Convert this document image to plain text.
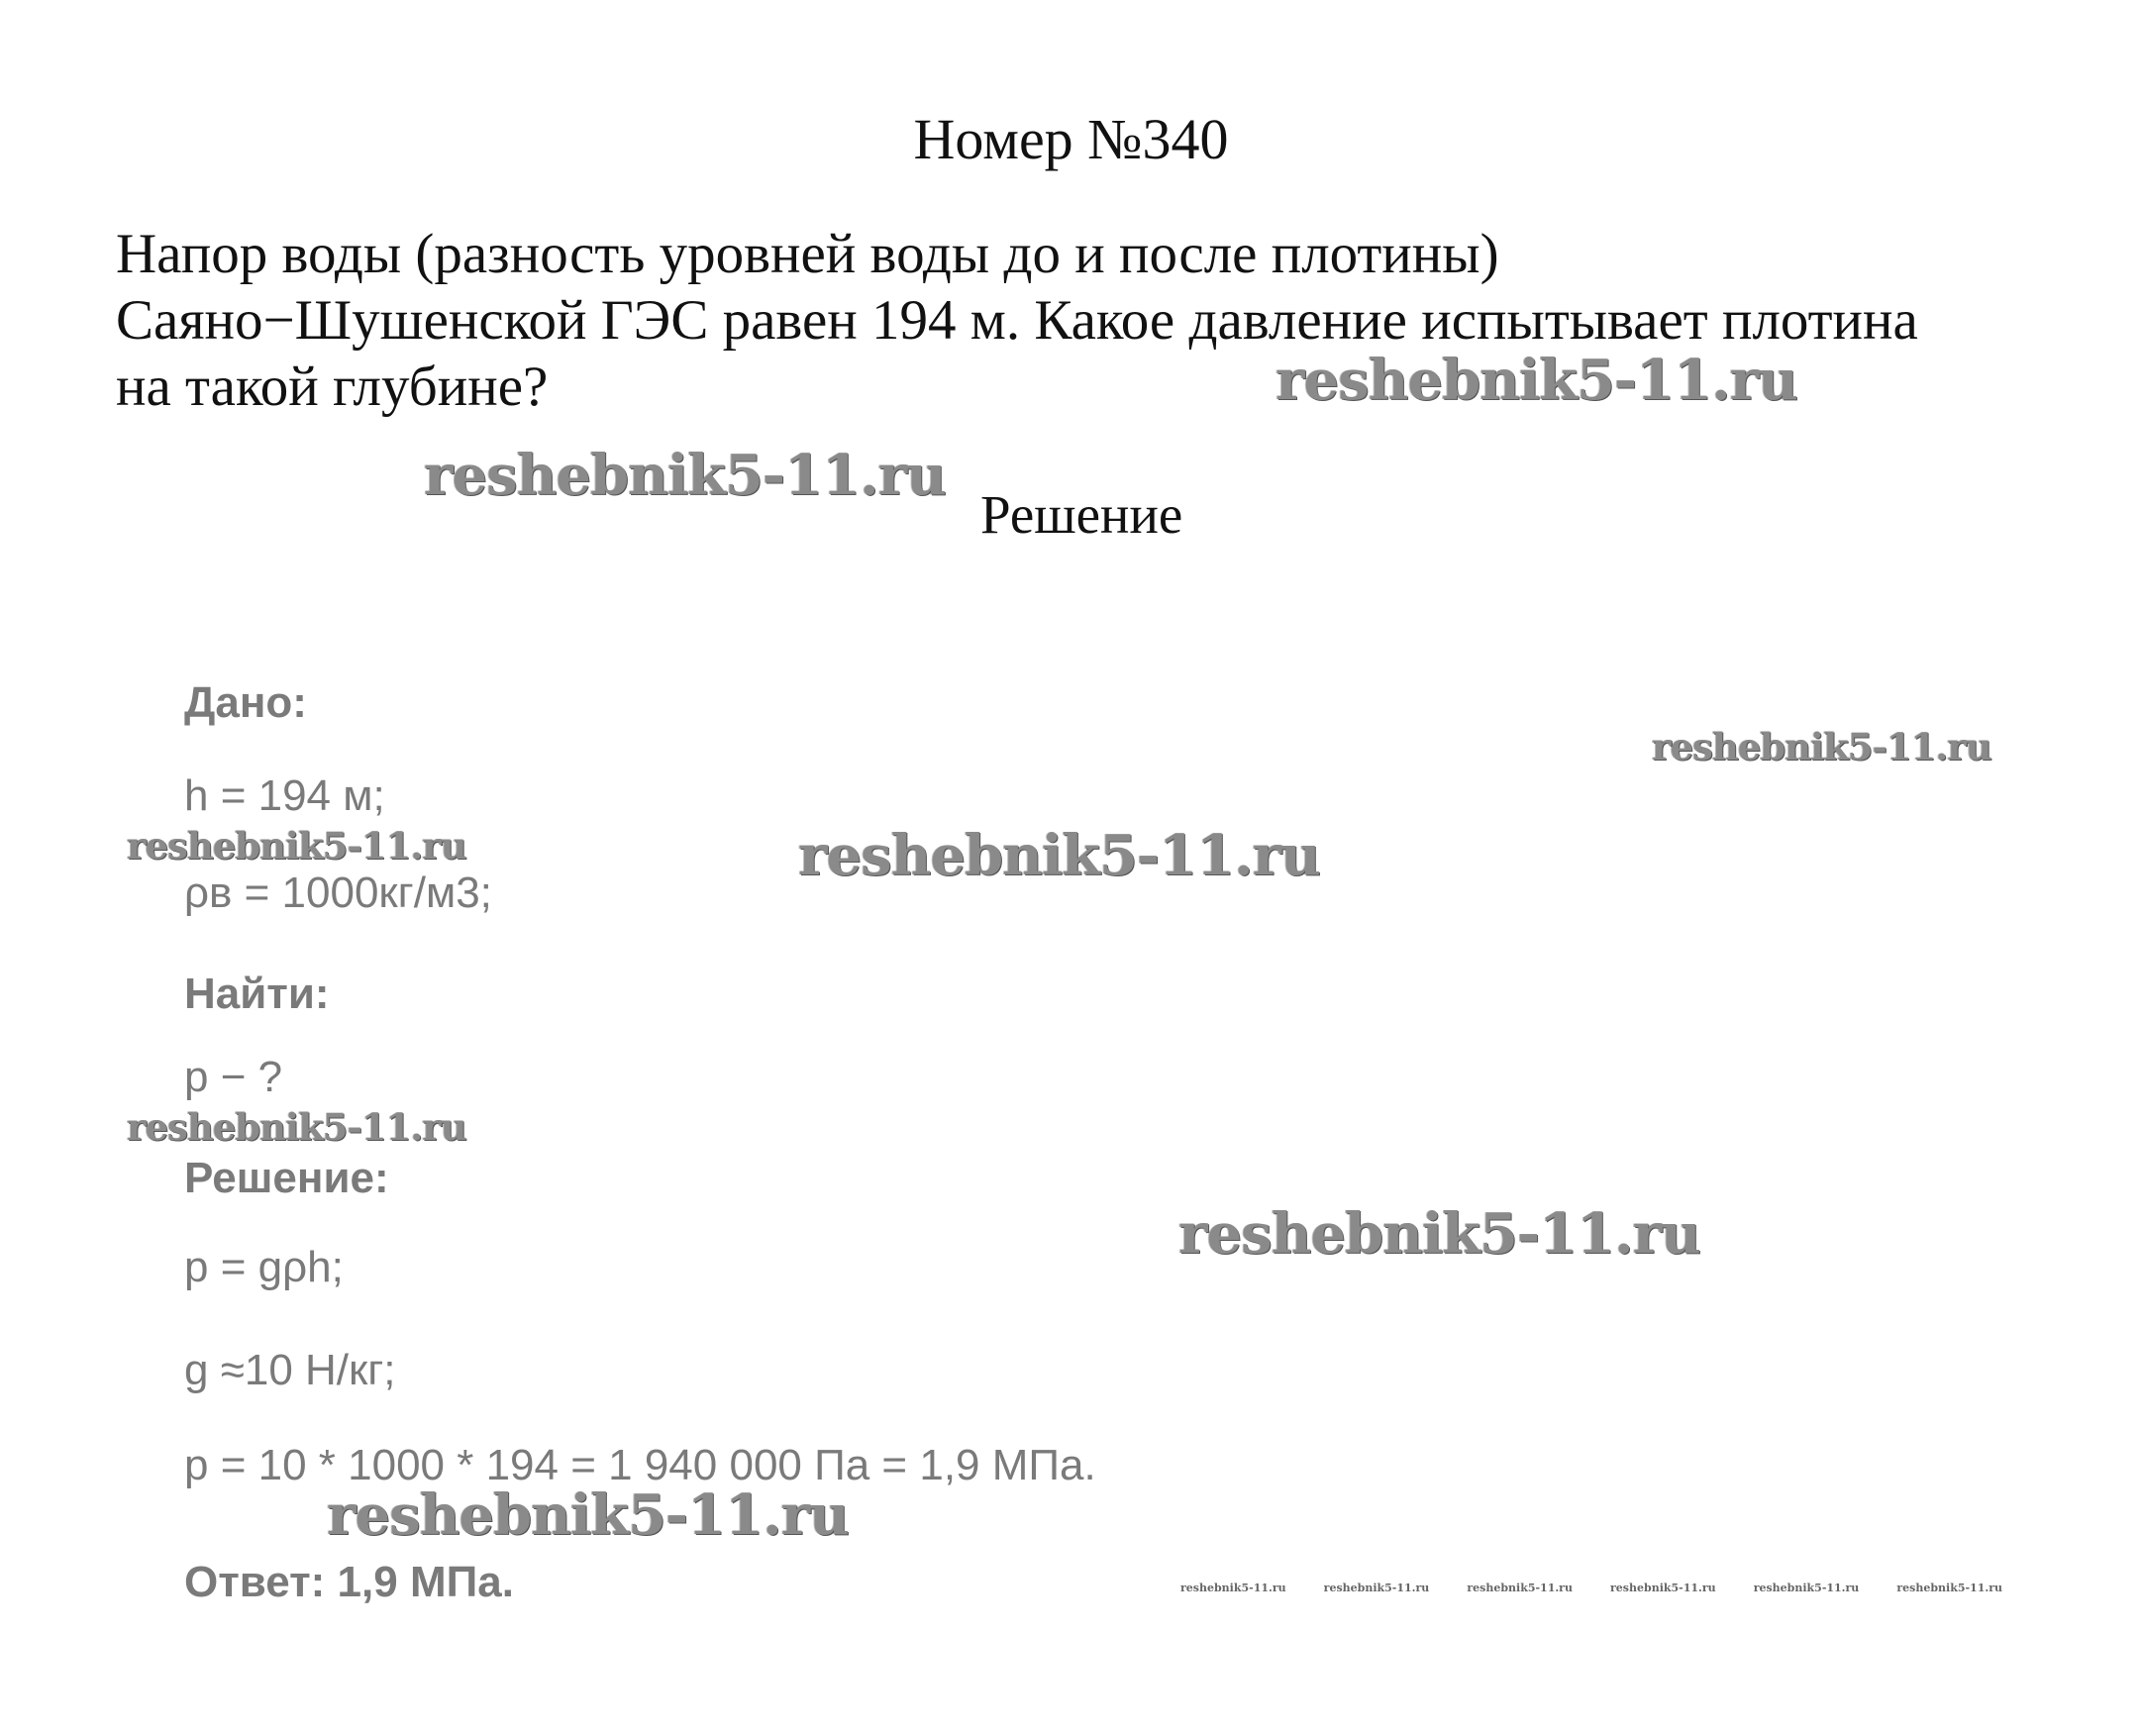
Номер №340
Напор воды (разность уровней воды до и после плотины)
Саяно−Шушенской ГЭС равен 194 м. Какое давление испытывает плотина
на такой глубине?
Решение
Дано:
h = 194 м;
ρв = 1000кг/м3;
Найти:
p − ?
Решение:
p = gρh;
g ≈10 Н/кг;
p = 10 * 1000 * 194 = 1 940 000 Па = 1,9 МПа.
Ответ: 1,9 МПа.
reshebnik5-11.ru
reshebnik5-11.ru
reshebnik5-11.ru
reshebnik5-11.ru	reshebnik5-11.ru
reshebnik5-11.ru
reshebnik5-11.ru
reshebnik5-11.ru
reshebnik5-11.ru	reshebnik5-11.ru	reshebnik5-11.ru	reshebnik5-11.ru	reshebnik5-11.ru	reshebnik5-11.ru
